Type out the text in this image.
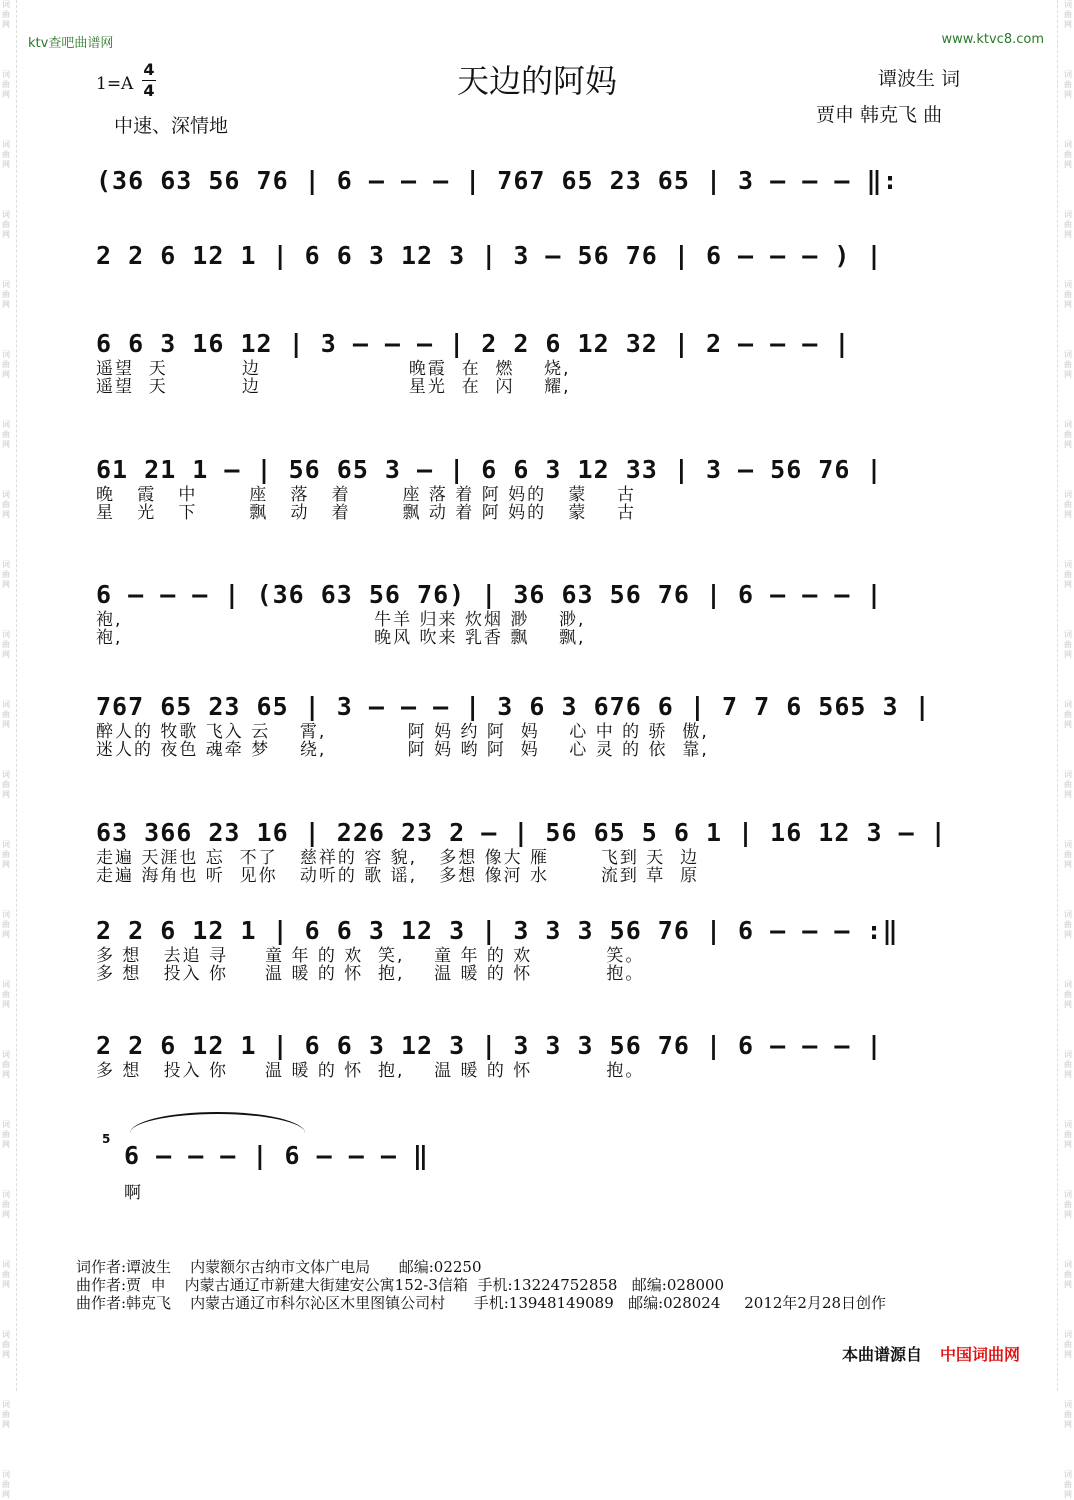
词曲网
词曲网
词曲网
词曲网
词曲网
词曲网
词曲网
词曲网
词曲网
词曲网
词曲网
词曲网
词曲网
词曲网
词曲网
词曲网
词曲网
词曲网
词曲网
词曲网
词曲网
词曲网
词曲网
词曲网
词曲网
词曲网
词曲网
词曲网
词曲网
词曲网
词曲网
词曲网
词曲网
词曲网
词曲网
词曲网
词曲网
词曲网
词曲网
词曲网
词曲网
词曲网
词曲网
词曲网
ktv查吧曲谱网	www.ktvc8.com
天边的阿妈
1=A
4
4
中速、深情地
谭波生 词
贾申 韩克飞 曲
(36 63 56 76 | 6 – – – | 767 65 23 65 | 3 – – – ‖:
2 2 6 12 1 | 6 6 3 12 3 | 3 – 56 76 | 6 – – – ) |
6 6 3 16 12 | 3 – – – | 2 2 6 12 32 | 2 – – – |
遥望  天          边                    晚霞  在  燃    烧,
遥望  天          边                    星光  在  闪    耀,
61 21 1 – | 56 65 3 – | 6 6 3 12 33 | 3 – 56 76 |
晚   霞   中       座   落   着       座 落 着 阿 妈的   蒙    古
星   光   下       飘   动   着       飘 动 着 阿 妈的   蒙    古
6 – – – | (36 63 56 76) | 36 63 56 76 | 6 – – – |
袍,                                  牛羊 归来 炊烟 渺    渺,
袍,                                  晚风 吹来 乳香 飘    飘,
767 65 23 65 | 3 – – – | 3 6 3 676 6 | 7 7 6 565 3 |
醉人的 牧歌 飞入 云    霄,           阿 妈 约 阿  妈    心 中 的 骄  傲,
迷人的 夜色 魂牵 梦    绕,           阿 妈 哟 阿  妈    心 灵 的 依  靠,
63 366 23 16 | 226 23 2 – | 56 65 5 6 1 | 16 12 3 – |
走遍 天涯也 忘  不了   慈祥的 容 貌,   多想 像大 雁       飞到 天  边
走遍 海角也 听  见你   动听的 歌 谣,   多想 像河 水       流到 草  原
2 2 6 12 1 | 6 6 3 12 3 | 3 3 3 56 76 | 6 – – – :‖
多 想   去追 寻     童 年 的 欢  笑,    童 年 的 欢          笑。
多 想   投入 你     温 暖 的 怀  抱,    温 暖 的 怀          抱。
2 2 6 12 1 | 6 6 3 12 3 | 3 3 3 56 76 | 6 – – – |
多 想   投入 你     温 暖 的 怀  抱,    温 暖 的 怀          抱。
5
6 – – – | 6 – – – ‖
啊
词作者:谭波生    内蒙额尔古纳市文体广电局      邮编:02250
曲作者:贾  申    内蒙古通辽市新建大街建安公寓152-3信箱  手机:13224752858   邮编:028000
曲作者:韩克飞    内蒙古通辽市科尔沁区木里图镇公司村      手机:13948149089   邮编:028024     2012年2月28日创作
本曲谱源自 中国词曲网
